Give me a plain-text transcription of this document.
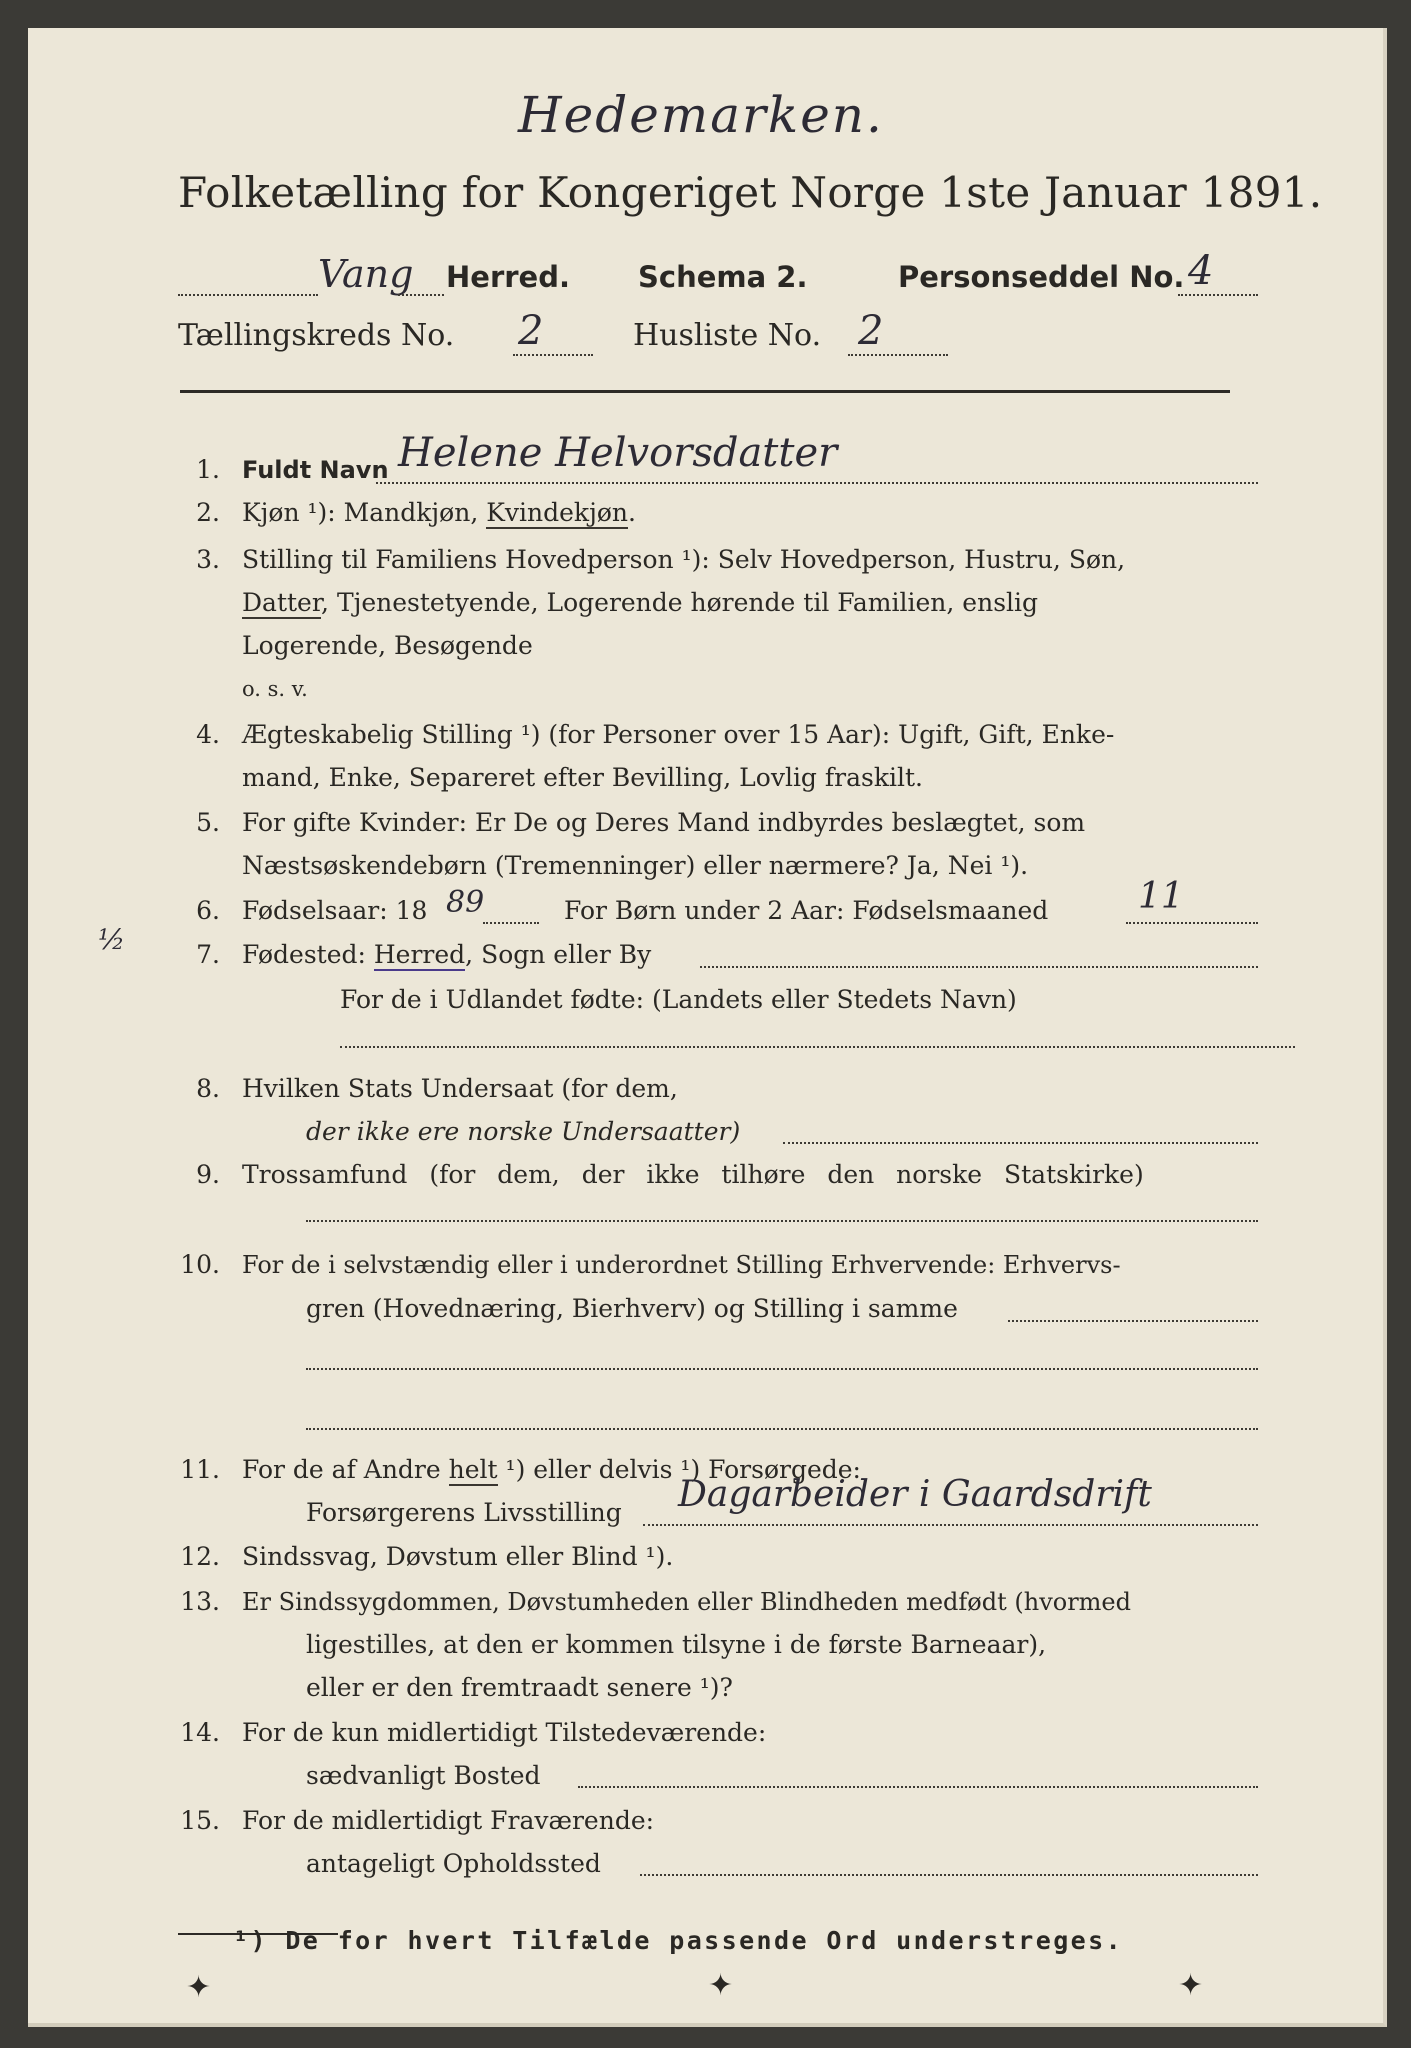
Hedemarken.
Folketælling for Kongeriget Norge 1ste Januar 1891.
Vang Herred. Schema 2.	Personseddel No. 4
Tællingskreds No. 2	Husliste No. 2
1. Fuldt Navn Helene Helvorsdatter
2. Kjøn ¹): Mandkjøn, Kvindekjøn.
3. Stilling til Familiens Hovedperson ¹): Selv Hovedperson, Hustru, Søn,
Datter, Tjenestetyende, Logerende hørende til Familien, enslig
Logerende, Besøgende
o. s. v.
4. Ægteskabelig Stilling ¹) (for Personer over 15 Aar): Ugift, Gift, Enke-
mand, Enke, Separeret efter Bevilling, Lovlig fraskilt.
5. For gifte Kvinder: Er De og Deres Mand indbyrdes beslægtet, som
Næstsøskendebørn (Tremenninger) eller nærmere? Ja, Nei ¹).
6. Fødselsaar: 18 89	For Børn under 2 Aar: Fødselsmaaned 11
½	7. Fødested: Herred, Sogn eller By
For de i Udlandet fødte: (Landets eller Stedets Navn)
8. Hvilken Stats Undersaat (for dem,
der ikke ere norske Undersaatter)
9. Trossamfund (for dem, der ikke tilhøre den norske Statskirke)
10. For de i selvstændig eller i underordnet Stilling Erhvervende: Erhvervs-
gren (Hovednæring, Bierhverv) og Stilling i samme
11. For de af Andre helt ¹) eller delvis ¹) Forsørgede:
Forsørgerens Livsstilling Dagarbeider i Gaardsdrift
12. Sindssvag, Døvstum eller Blind ¹).
13. Er Sindssygdommen, Døvstumheden eller Blindheden medfødt (hvormed
ligestilles, at den er kommen tilsyne i de første Barneaar),
eller er den fremtraadt senere ¹)?
14. For de kun midlertidigt Tilstedeværende:
sædvanligt Bosted
15. For de midlertidigt Fraværende:
antageligt Opholdssted
¹) De for hvert Tilfælde passende Ord understreges.
✦	✦	✦
